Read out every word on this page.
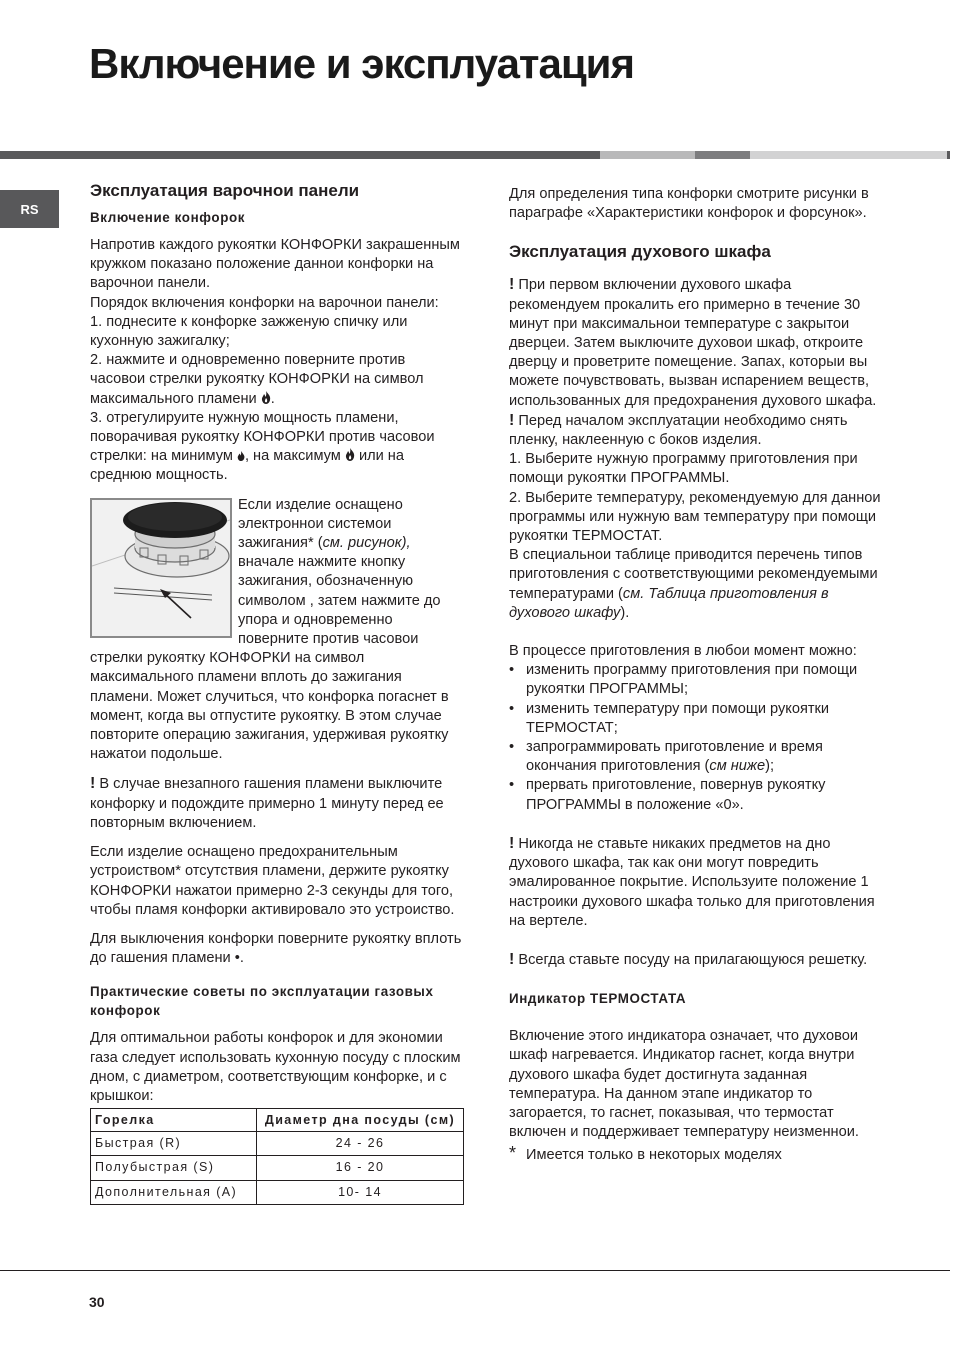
Включение и эксплуатация
RS
Эксплуатация варочнои панели
Включение конфорок
Напротив каждого рукоятки КОНФОРКИ закрашенным кружком показано положение даннои конфорки на варочнои панели.
Порядок включения конфорки на варочнои панели:
1. поднесите к конфорке зажженую спичку или кухонную зажигалку;
2. нажмите и одновременно поверните против часовои стрелки рукоятку КОНФОРКИ на символ максимального пламени .
3. отрегулируите нужную мощность пламени, поворачивая рукоятку КОНФОРКИ против часовои стрелки: на минимум , на максимум или на среднюю мощность.
Если изделие оснащено электроннои системои зажигания* (см. рисунок), вначале нажмите кнопку зажигания, обозначенную символом , затем нажмите до упора и одновременно поверните против часовои стрелки рукоятку КОНФОРКИ на символ максимального пламени вплоть до зажигания пламени. Может случиться, что конфорка погаснет в момент, когда вы отпустите рукоятку. В этом случае повторите операцию зажигания, удерживая рукоятку нажатои подольше.
! В случае внезапного гашения пламени выключите конфорку и подождите примерно 1 минуту перед ее повторным включением.
Если изделие оснащено предохранительным устроиством* отсутствия пламени, держите рукоятку КОНФОРКИ нажатои примерно 2-3 секунды для того, чтобы пламя конфорки активировало это устроиство.
Для выключения конфорки поверните рукоятку вплоть до гашения пламени •.
Практические советы по эксплуатации газовых конфорок
Для оптимальнои работы конфорок и для экономии газа следует использовать кухонную посуду с плоским дном, с диаметром, соответствующим конфорке, и с крышкои:
Горелка	Диаметр дна посуды (см)
Быстрая (R)	24 - 26
Полубыстрая (S)	16 - 20
Дополнительная (A)	10- 14
Для определения типа конфорки смотрите рисунки в параграфе «Характеристики конфорок и форсунок».
Эксплуатация духового шкафа
! При первом включении духового шкафа рекомендуем прокалить его примерно в течение 30 минут при максимальнои температуре с закрытои дверцеи. Затем выключите духовои шкаф, откроите дверцу и проветрите помещение. Запах, которыи вы можете почувствовать, вызван испарением веществ, использованных для предохранения духового шкафа.
! Перед началом эксплуатации необходимо снять пленку, наклеенную с боков изделия.
1. Выберите нужную программу приготовления при помощи рукоятки ПРОГРАММЫ.
2. Выберите температуру, рекомендуемую для даннои программы или нужную вам температуру при помощи рукоятки ТЕРМОСТАТ.
В специальнои таблице приводится перечень типов приготовления с соответствующими рекомендуемыми температурами (см. Таблица приготовления в духового шкафу).
В процессе приготовления в любои момент можно:
• изменить программу приготовления при помощи рукоятки ПРОГРАММЫ;
• изменить температуру при помощи рукоятки ТЕРМОСТАТ;
• запрограммировать приготовление и время окончания приготовления (см ниже);
• прервать приготовление, повернув рукоятку ПРОГРАММЫ в положение «0».
! Никогда не ставьте никаких предметов на дно духового шкафа, так как они могут повредить эмалированное покрытие. Используите положение 1 настроики духового шкафа только для приготовления на вертеле.
! Всегда ставьте посуду на прилагающуюся решетку.
Индикатор ТЕРМОСТАТА
Включение этого индикатора означает, что духовои шкаф нагревается. Индикатор гаснет, когда внутри духового шкафа будет достигнута заданная температура. На данном этапе индикатор то загорается, то гаснет, показывая, что термостат включен и поддерживает температуру неизменнои.
* Имеется только в некоторых моделях
30
